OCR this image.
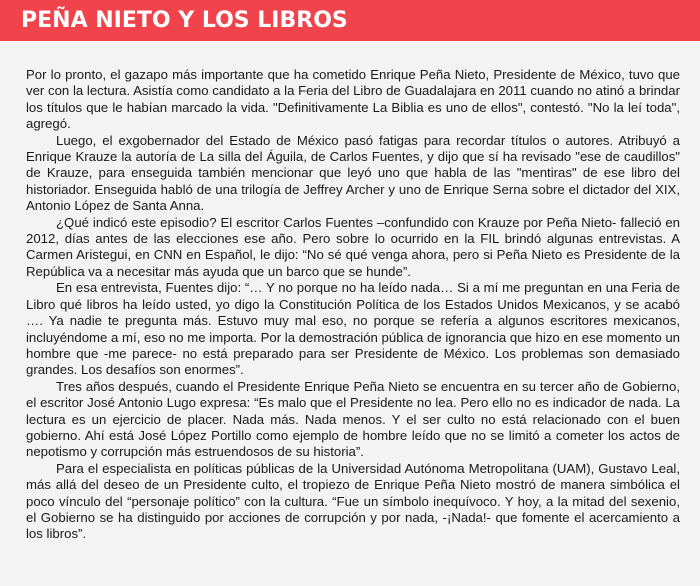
PEÑA NIETO Y LOS LIBROS

Por lo pronto, el gazapo más importante que ha cometido Enrique Peña Nieto, Presidente de México, tuvo que ver con la lectura. Asistía como candidato a la Feria del Libro de Guadalajara en 2011 cuando no atinó a brindar los títulos que le habían marcado la vida. "Definitivamente La Biblia es uno de ellos", contestó. "No la leí toda", agregó.

Luego, el exgobernador del Estado de México pasó fatigas para recordar títulos o autores. Atribuyó a Enrique Krauze la autoría de La silla del Águila, de Carlos Fuentes, y dijo que sí ha revisado "ese de caudillos" de Krauze, para enseguida también mencionar que leyó uno que habla de las "mentiras" de ese libro del historiador. Enseguida habló de una trilogía de Jeffrey Archer y uno de Enrique Serna sobre el dictador del XIX, Antonio López de Santa Anna.

¿Qué indicó este episodio? El escritor Carlos Fuentes –confundido con Krauze por Peña Nieto- falleció en 2012, días antes de las elecciones ese año. Pero sobre lo ocurrido en la FIL brindó algunas entrevistas. A Carmen Aristegui, en CNN en Español, le dijo: “No sé qué venga ahora, pero si Peña Nieto es Presidente de la República va a necesitar más ayuda que un barco que se hunde”.

En esa entrevista, Fuentes dijo: “… Y no porque no ha leído nada… Si a mí me preguntan en una Feria de Libro qué libros ha leído usted, yo digo la Constitución Política de los Estados Unidos Mexicanos, y se acabó …. Ya nadie te pregunta más. Estuvo muy mal eso, no porque se refería a algunos escritores mexicanos, incluyéndome a mí, eso no me importa. Por la demostración pública de ignorancia que hizo en ese momento un hombre que -me parece- no está preparado para ser Presidente de México. Los problemas son demasiado grandes. Los desafíos son enormes”.

Tres años después, cuando el Presidente Enrique Peña Nieto se encuentra en su tercer año de Gobierno, el escritor José Antonio Lugo expresa: “Es malo que el Presidente no lea. Pero ello no es indicador de nada. La lectura es un ejercicio de placer. Nada más. Nada menos. Y el ser culto no está relacionado con el buen gobierno. Ahí está José López Portillo como ejemplo de hombre leído que no se limitó a cometer los actos de nepotismo y corrupción más estruendosos de su historia”.

Para el especialista en políticas públicas de la Universidad Autónoma Metropolitana (UAM), Gustavo Leal, más allá del deseo de un Presidente culto, el tropiezo de Enrique Peña Nieto mostró de manera simbólica el poco vínculo del “personaje político” con la cultura. “Fue un símbolo inequívoco. Y hoy, a la mitad del sexenio, el Gobierno se ha distinguido por acciones de corrupción y por nada, -¡Nada!- que fomente el acercamiento a los libros”.
